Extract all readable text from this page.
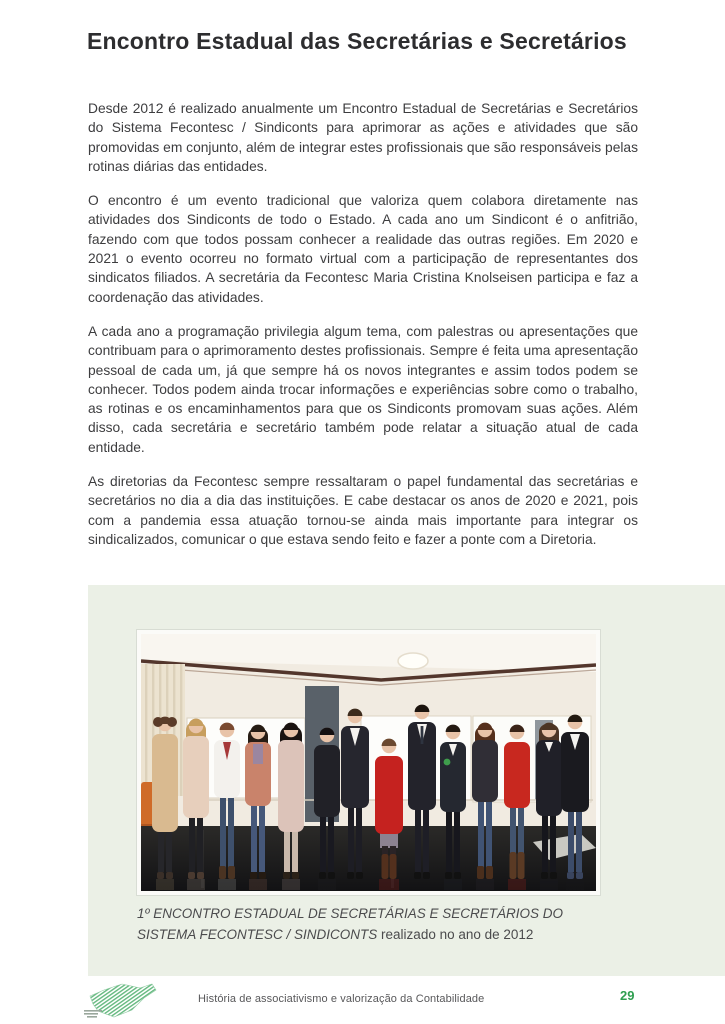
Encontro Estadual das Secretárias e Secretários

Desde 2012 é realizado anualmente um Encontro Estadual de Secretárias e Secretários do Sistema Fecontesc / Sindiconts para aprimorar as ações e atividades que são promovidas em conjunto, além de integrar estes profissionais que são responsáveis pelas rotinas diárias das entidades.

O encontro é um evento tradicional que valoriza quem colabora diretamente nas atividades dos Sindiconts de todo o Estado. A cada ano um Sindicont é o anfitrião, fazendo com que todos possam conhecer a realidade das outras regiões. Em 2020 e 2021 o evento ocorreu no formato virtual com a participação de representantes dos sindicatos filiados. A secretária da Fecontesc Maria Cristina Knolseisen participa e faz a coordenação das atividades.

A cada ano a programação privilegia algum tema, com palestras ou apresentações que contribuam para o aprimoramento destes profissionais. Sempre é feita uma apresentação pessoal de cada um, já que sempre há os novos integrantes e assim todos podem se conhecer. Todos podem ainda trocar informações e experiências sobre como o trabalho, as rotinas e os encaminhamentos para que os Sindiconts promovam suas ações. Além disso, cada secretária e secretário também pode relatar a situação atual de cada entidade.

As diretorias da Fecontesc sempre ressaltaram o papel fundamental das secretárias e secretários no dia a dia das instituições. E cabe destacar os anos de 2020 e 2021, pois com a pandemia essa atuação tornou-se ainda mais importante para integrar os sindicalizados, comunicar o que estava sendo feito e fazer a ponte com a Diretoria.

1º ENCONTRO ESTADUAL DE SECRETÁRIAS E SECRETÁRIOS DO SISTEMA FECONTESC / SINDICONTS realizado no ano de 2012
História de associativismo e valorização da Contabilidade	29
